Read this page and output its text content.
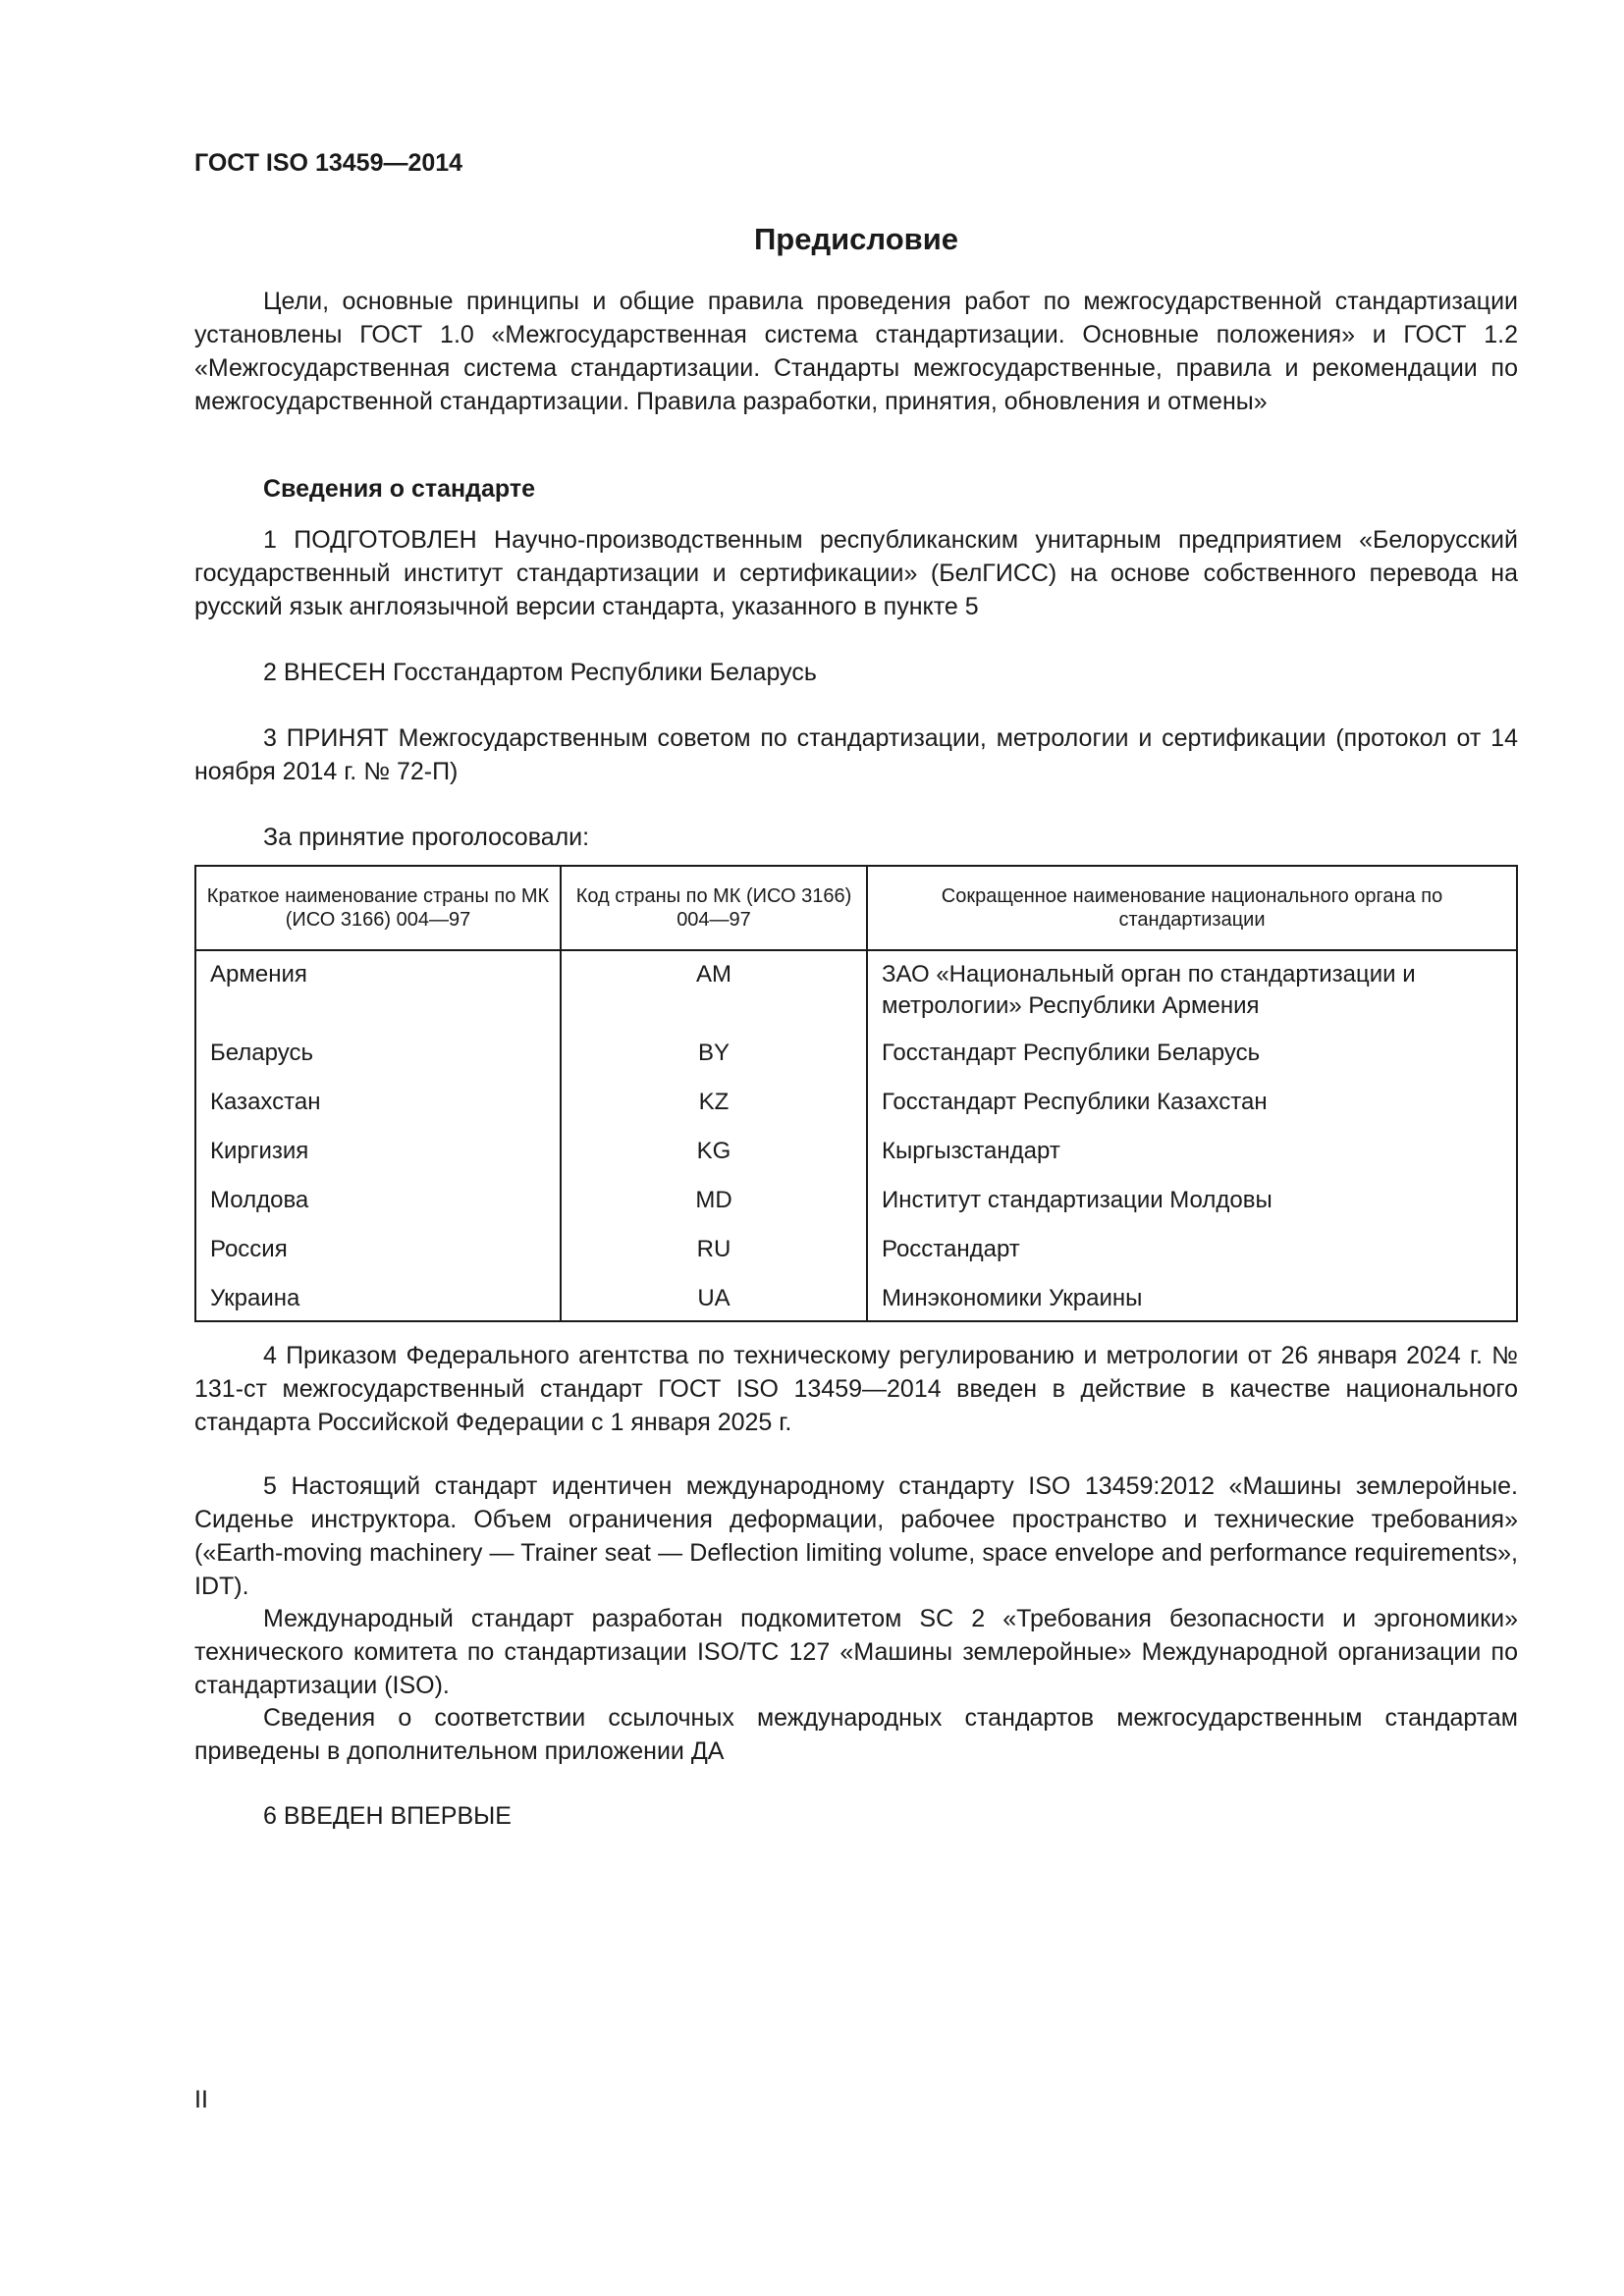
ГОСТ ISO 13459—2014
Предисловие

Цели, основные принципы и общие правила проведения работ по межгосударственной стандартизации установлены ГОСТ 1.0 «Межгосударственная система стандартизации. Основные положения» и ГОСТ 1.2 «Межгосударственная система стандартизации. Стандарты межгосударственные, правила и рекомендации по межгосударственной стандартизации. Правила разработки, принятия, обновления и отмены»

Сведения о стандарте

1 ПОДГОТОВЛЕН Научно-производственным республиканским унитарным предприятием «Белорусский государственный институт стандартизации и сертификации» (БелГИСС) на основе собственного перевода на русский язык англоязычной версии стандарта, указанного в пункте 5

2 ВНЕСЕН Госстандартом Республики Беларусь

3 ПРИНЯТ Межгосударственным советом по стандартизации, метрологии и сертификации (протокол от 14 ноября 2014 г. № 72-П)

За принятие проголосовали:

Краткое наименование страны по МК (ИСО 3166) 004—97	Код страны по МК (ИСО 3166) 004—97	Сокращенное наименование национального органа по стандартизации
Армения	AM	ЗАО «Национальный орган по стандартизации и метрологии» Республики Армения
Беларусь	BY	Госстандарт Республики Беларусь
Казахстан	KZ	Госстандарт Республики Казахстан
Киргизия	KG	Кыргызстандарт
Молдова	MD	Институт стандартизации Молдовы
Россия	RU	Росстандарт
Украина	UA	Минэкономики Украины

4 Приказом Федерального агентства по техническому регулированию и метрологии от 26 января 2024 г. № 131-ст межгосударственный стандарт ГОСТ ISO 13459—2014 введен в действие в качестве национального стандарта Российской Федерации с 1 января 2025 г.

5 Настоящий стандарт идентичен международному стандарту ISO 13459:2012 «Машины землеройные. Сиденье инструктора. Объем ограничения деформации, рабочее пространство и технические требования» («Earth-moving machinery — Trainer seat — Deflection limiting volume, space envelope and performance requirements», IDT).

Международный стандарт разработан подкомитетом SC 2 «Требования безопасности и эргономики» технического комитета по стандартизации ISO/TC 127 «Машины землеройные» Международной организации по стандартизации (ISO).

Сведения о соответствии ссылочных международных стандартов межгосударственным стандартам приведены в дополнительном приложении ДА

6 ВВЕДЕН ВПЕРВЫЕ

II
